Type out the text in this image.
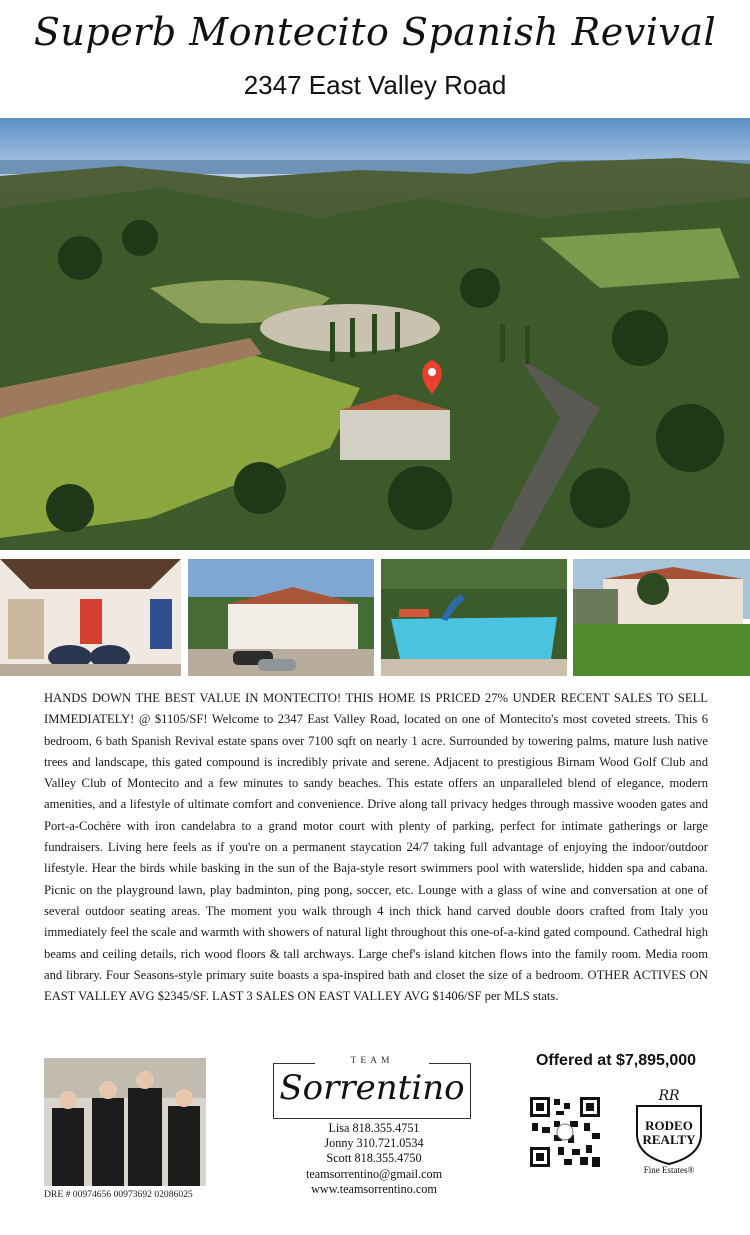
Superb Montecito Spanish Revival
2347 East Valley Road

HANDS DOWN THE BEST VALUE IN MONTECITO! THIS HOME IS PRICED 27% UNDER RECENT SALES TO SELL IMMEDIATELY! @ $1105/SF! Welcome to 2347 East Valley Road, located on one of Montecito's most coveted streets. This 6 bedroom, 6 bath Spanish Revival estate spans over 7100 sqft on nearly 1 acre. Surrounded by towering palms, mature lush native trees and landscape, this gated compound is incredibly private and serene. Adjacent to prestigious Birnam Wood Golf Club and Valley Club of Montecito and a few minutes to sandy beaches. This estate offers an unparalleled blend of elegance, modern amenities, and a lifestyle of ultimate comfort and convenience. Drive along tall privacy hedges through massive wooden gates and Port-a-Cochère with iron candelabra to a grand motor court with plenty of parking, perfect for intimate gatherings or large fundraisers. Living here feels as if you're on a permanent staycation 24/7 taking full advantage of enjoying the indoor/outdoor lifestyle. Hear the birds while basking in the sun of the Baja-style resort swimmers pool with waterslide, hidden spa and cabana. Picnic on the playground lawn, play badminton, ping pong, soccer, etc. Lounge with a glass of wine and conversation at one of several outdoor seating areas. The moment you walk through 4 inch thick hand carved double doors crafted from Italy you immediately feel the scale and warmth with showers of natural light throughout this one-of-a-kind gated compound. Cathedral high beams and ceiling details, rich wood floors & tall archways. Large chef's island kitchen flows into the family room. Media room and library. Four Seasons-style primary suite boasts a spa-inspired bath and closet the size of a bedroom. OTHER ACTIVES ON EAST VALLEY AVG $2345/SF. LAST 3 SALES ON EAST VALLEY AVG $1406/SF per MLS stats.

DRE # 00974656 00973692 02086025
TEAM
Sorrentino
Lisa 818.355.4751
Jonny 310.721.0534
Scott 818.355.4750
teamsorrentino@gmail.com
www.teamsorrentino.com
Offered at $7,895,000
RR
RODEO
REALTY
Fine Estates®
